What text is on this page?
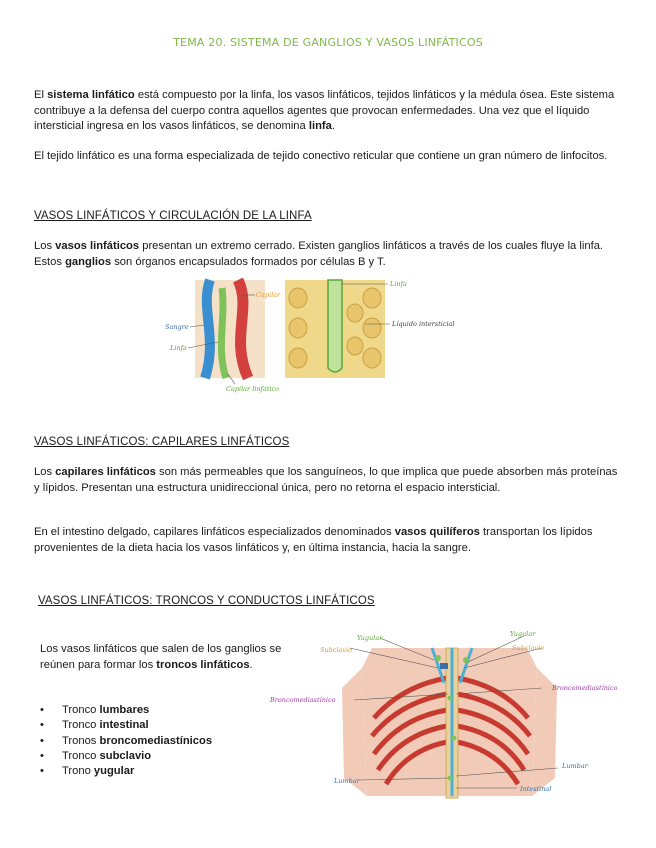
TEMA 20. SISTEMA DE GANGLIOS Y VASOS LINFÁTICOS

El sistema linfático está compuesto por la linfa, los vasos linfáticos, tejidos linfáticos y la médula ósea. Este sistema contribuye a la defensa del cuerpo contra aquellos agentes que provocan enfermedades. Una vez que el líquido intersticial ingresa en los vasos linfáticos, se denomina linfa.

El tejido linfático es una forma especializada de tejido conectivo reticular que contiene un gran número de linfocitos.

VASOS LINFÁTICOS Y CIRCULACIÓN DE LA LINFA

Los vasos linfáticos presentan un extremo cerrado. Existen ganglios linfáticos a través de los cuales fluye la linfa. Estos ganglios son órganos encapsulados formados por células B y T.

Capilar
Sangre
Linfa
Capilar linfático
Linfa
Líquido intersticial

VASOS LINFÁTICOS: CAPILARES LINFÁTICOS

Los capilares linfáticos son más permeables que los sanguíneos, lo que implica que puede absorben más proteínas y lípidos. Presentan una estructura unidireccional única, pero no retorna el espacio intersticial.

En el intestino delgado, capilares linfáticos especializados denominados vasos quilíferos transportan los lípidos provenientes de la dieta hacia los vasos linfáticos y, en última instancia, hacia la sangre.

VASOS LINFÁTICOS: TRONCOS Y CONDUCTOS LINFÁTICOS

Los vasos linfáticos que salen de los ganglios se reúnen para formar los troncos linfáticos.

• Tronco lumbares
• Tronco intestinal
• Tronos broncomediastínicos
• Tronco subclavio
• Trono yugular
Yugular
Subclavio
Yugular
Subclavio
Broncomediastínico
Broncomediastínico
Lumbar
Lumbar
Intestinal
